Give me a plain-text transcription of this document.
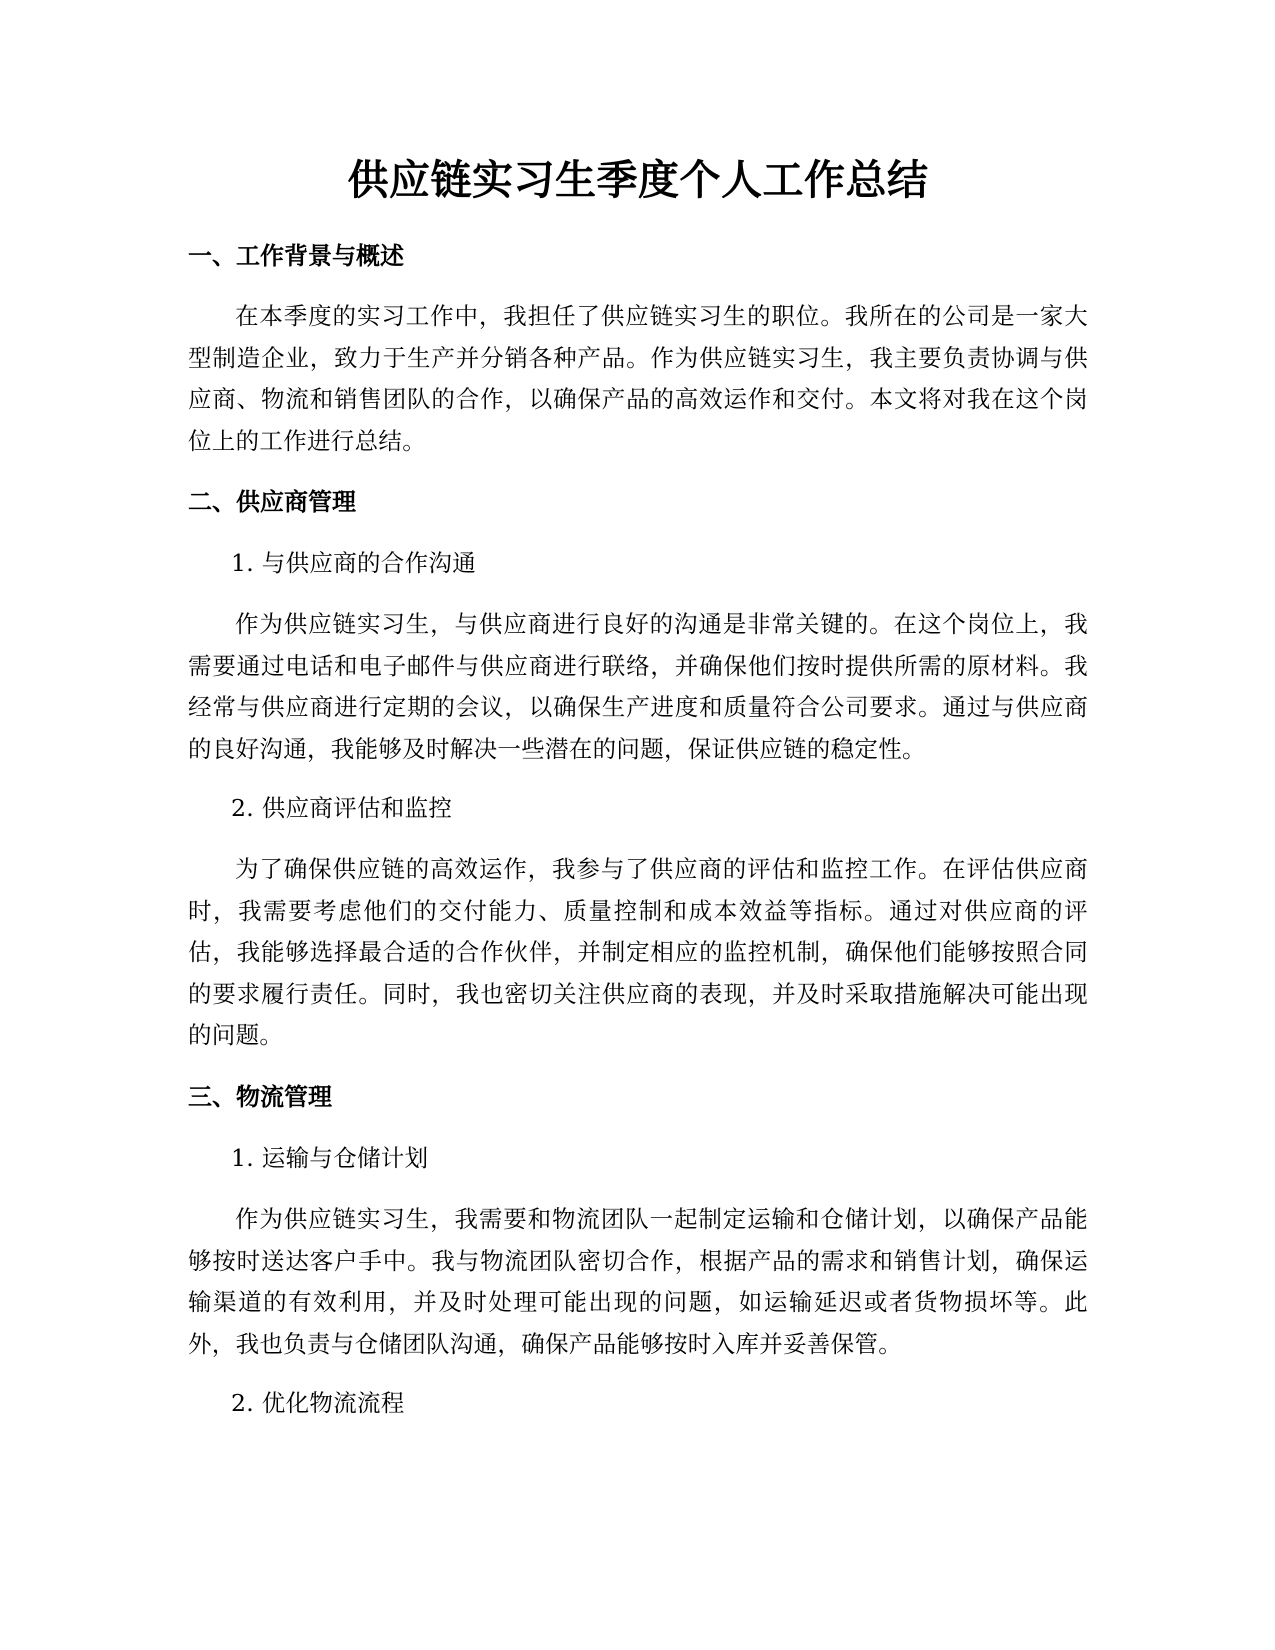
供应链实习生季度个人工作总结
一、工作背景与概述

在本季度的实习工作中，我担任了供应链实习生的职位。我所在的公司是一家大型制造企业，致力于生产并分销各种产品。作为供应链实习生，我主要负责协调与供应商、物流和销售团队的合作，以确保产品的高效运作和交付。本文将对我在这个岗位上的工作进行总结。

二、供应商管理

1. 与供应商的合作沟通

作为供应链实习生，与供应商进行良好的沟通是非常关键的。在这个岗位上，我需要通过电话和电子邮件与供应商进行联络，并确保他们按时提供所需的原材料。我经常与供应商进行定期的会议，以确保生产进度和质量符合公司要求。通过与供应商的良好沟通，我能够及时解决一些潜在的问题，保证供应链的稳定性。

2. 供应商评估和监控

为了确保供应链的高效运作，我参与了供应商的评估和监控工作。在评估供应商时，我需要考虑他们的交付能力、质量控制和成本效益等指标。通过对供应商的评估，我能够选择最合适的合作伙伴，并制定相应的监控机制，确保他们能够按照合同的要求履行责任。同时，我也密切关注供应商的表现，并及时采取措施解决可能出现的问题。

三、物流管理

1. 运输与仓储计划

作为供应链实习生，我需要和物流团队一起制定运输和仓储计划，以确保产品能够按时送达客户手中。我与物流团队密切合作，根据产品的需求和销售计划，确保运输渠道的有效利用，并及时处理可能出现的问题，如运输延迟或者货物损坏等。此外，我也负责与仓储团队沟通，确保产品能够按时入库并妥善保管。

2. 优化物流流程
